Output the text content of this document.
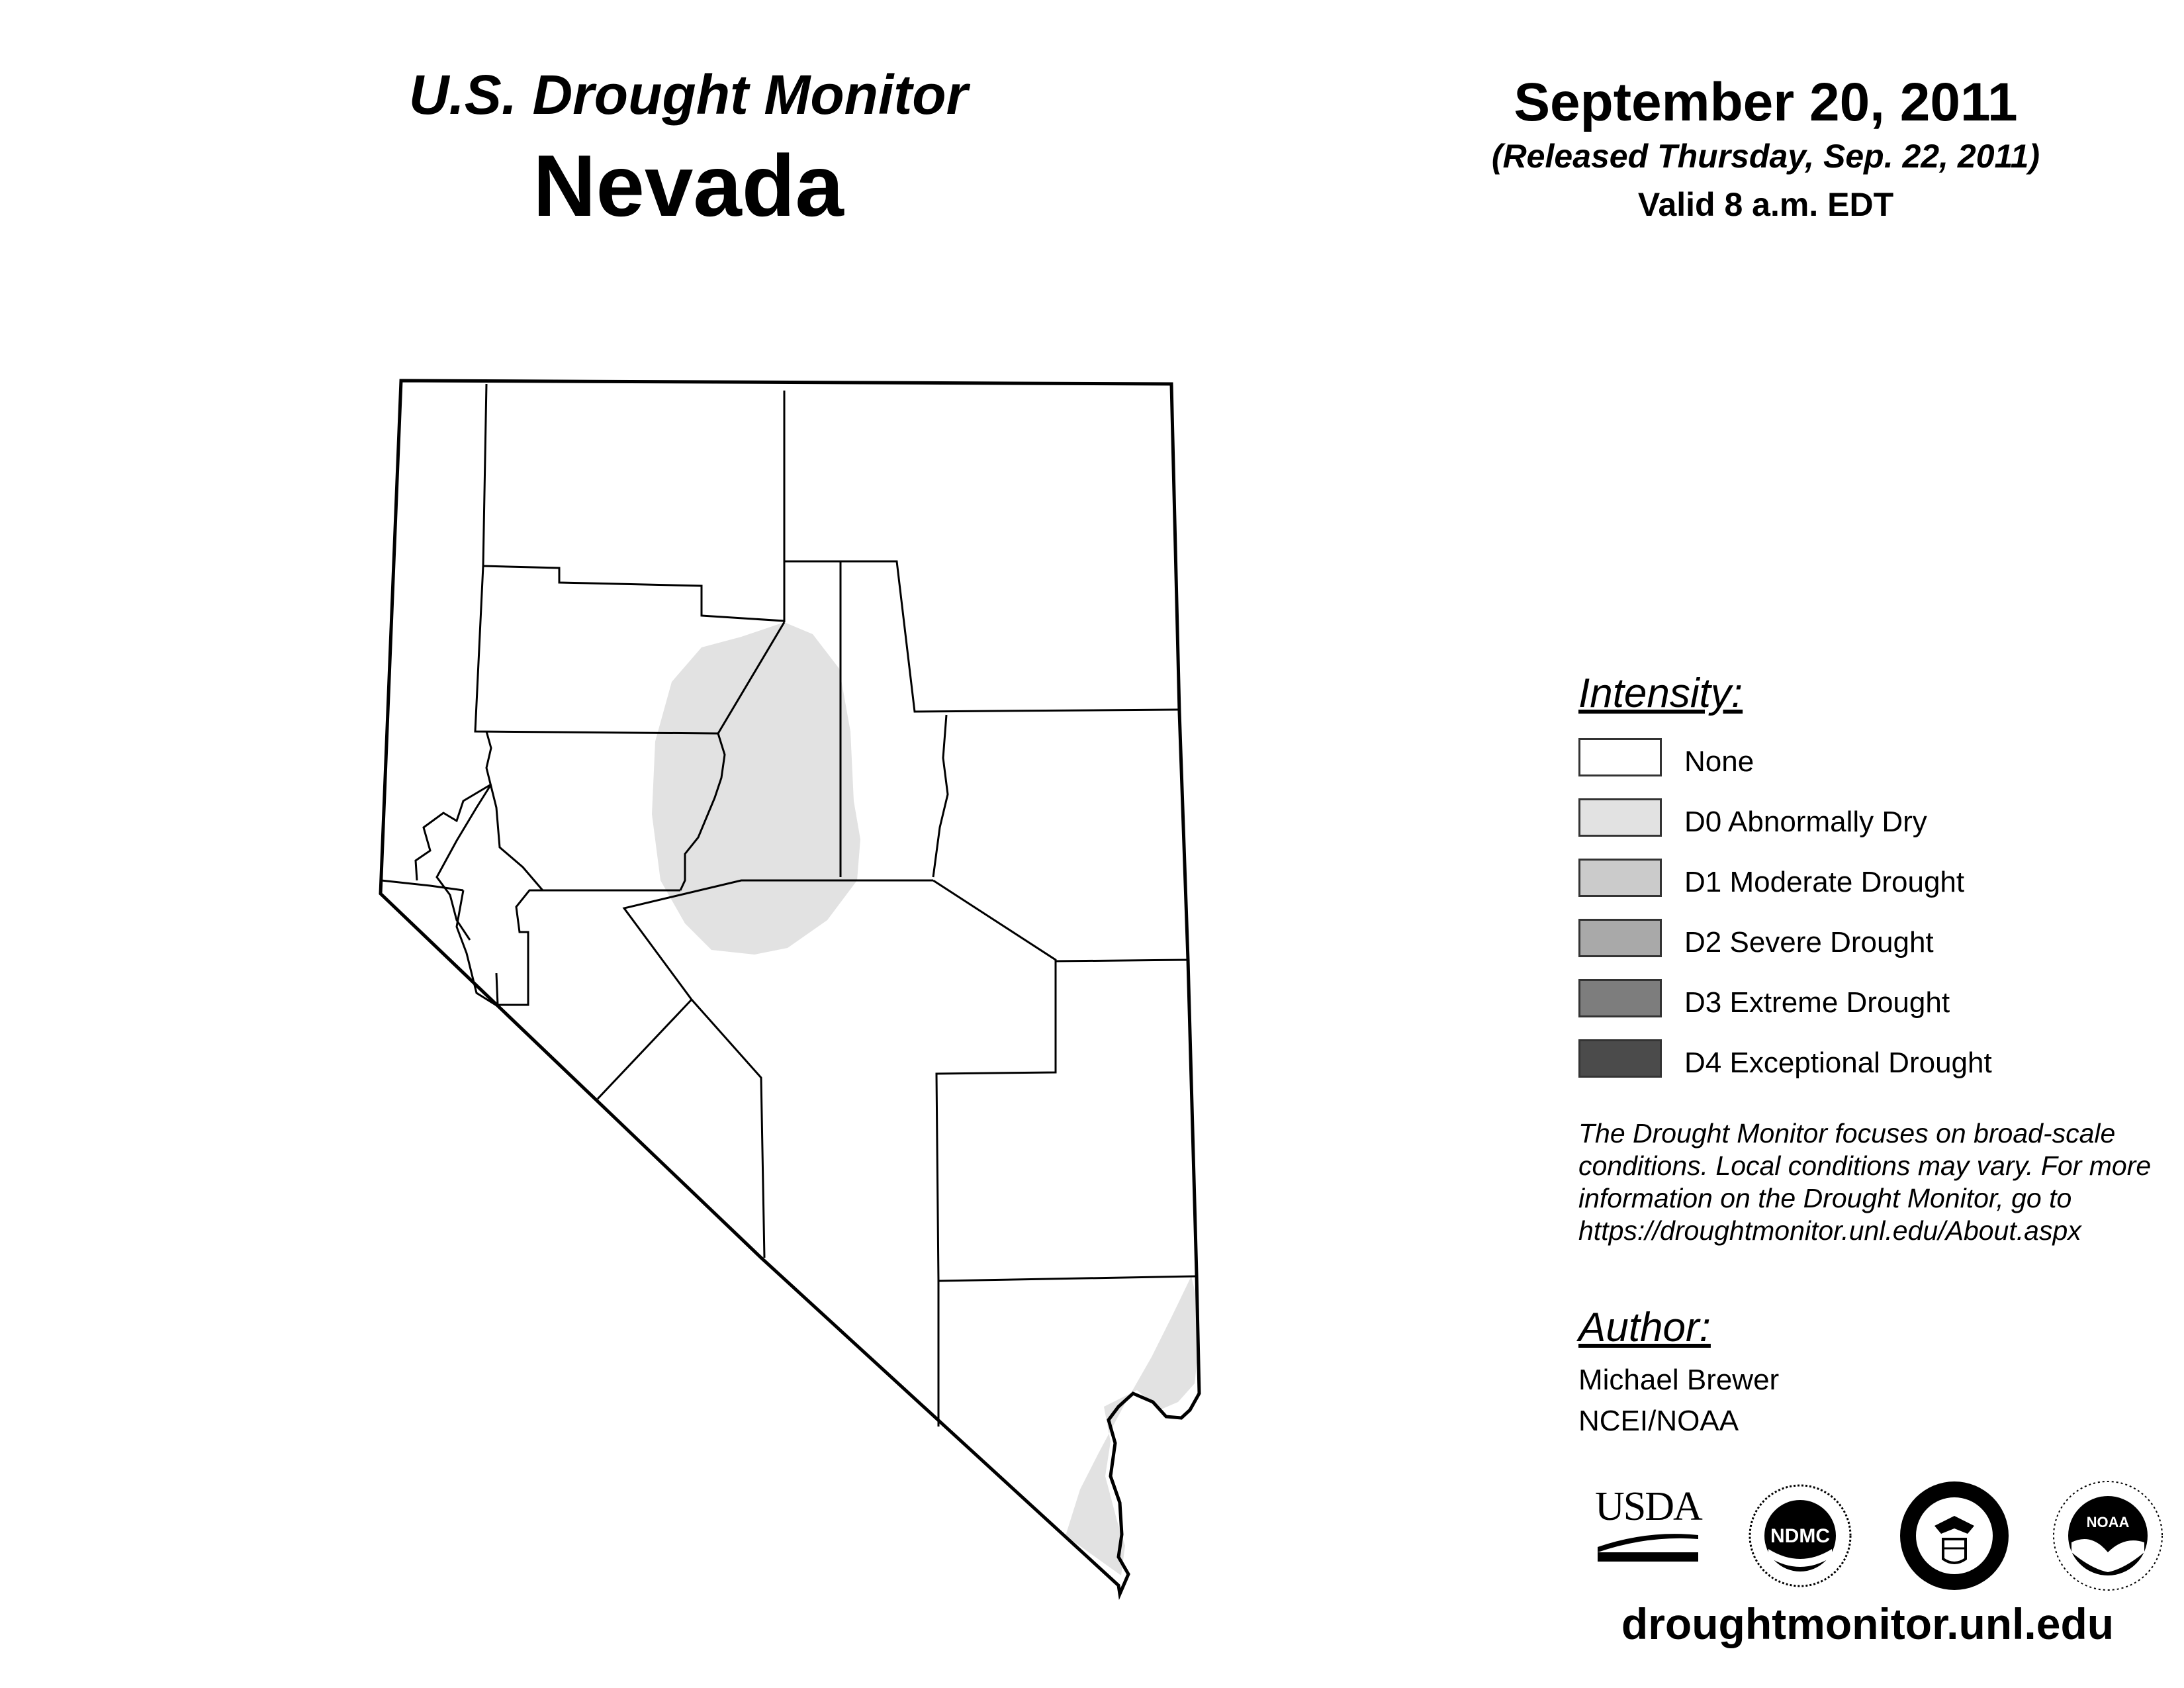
U.S. Drought Monitor
Nevada
September 20, 2011
(Released Thursday, Sep. 22, 2011)
Valid 8 a.m. EDT
Intensity:
None
D0 Abnormally Dry
D1 Moderate Drought
D2 Severe Drought
D3 Extreme Drought
D4 Exceptional Drought
The Drought Monitor focuses on broad-scale conditions. Local conditions may vary. For more information on the Drought Monitor, go to https://droughtmonitor.unl.edu/About.aspx
Author:
Michael Brewer
NCEI/NOAA
USDA
NDMC
NOAA
droughtmonitor.unl.edu
